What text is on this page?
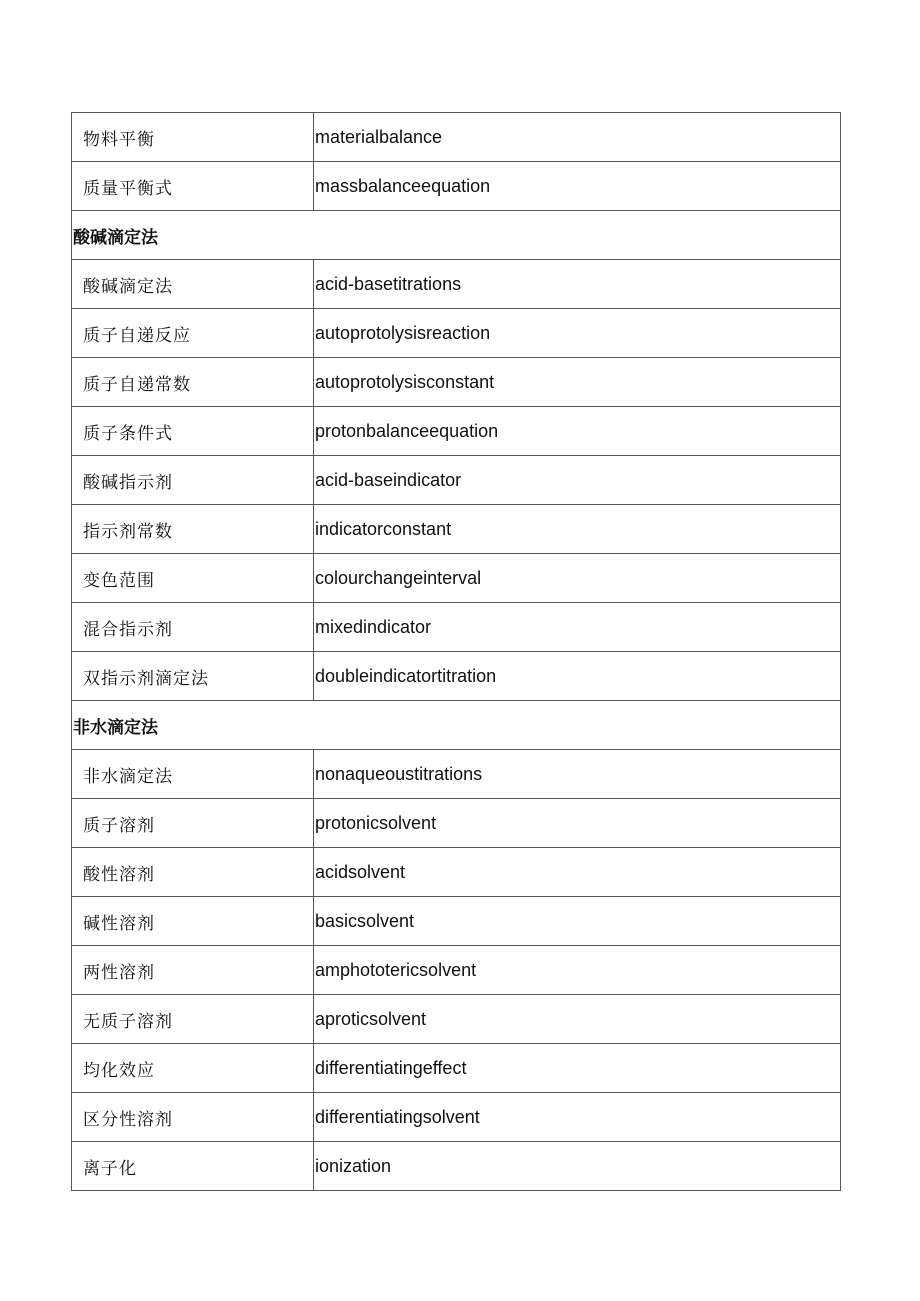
物料平衡	materialbalance
质量平衡式	massbalanceequation
酸碱滴定法	
酸碱滴定法	acid-basetitrations
质子自递反应	autoprotolysisreaction
质子自递常数	autoprotolysisconstant
质子条件式	protonbalanceequation
酸碱指示剂	acid-baseindicator
指示剂常数	indicatorconstant
变色范围	colourchangeinterval
混合指示剂	mixedindicator
双指示剂滴定法	doubleindicatortitration
非水滴定法	
非水滴定法	nonaqueoustitrations
质子溶剂	protonicsolvent
酸性溶剂	acidsolvent
碱性溶剂	basicsolvent
两性溶剂	amphototericsolvent
无质子溶剂	aproticsolvent
均化效应	differentiatingeffect
区分性溶剂	differentiatingsolvent
离子化	ionization
